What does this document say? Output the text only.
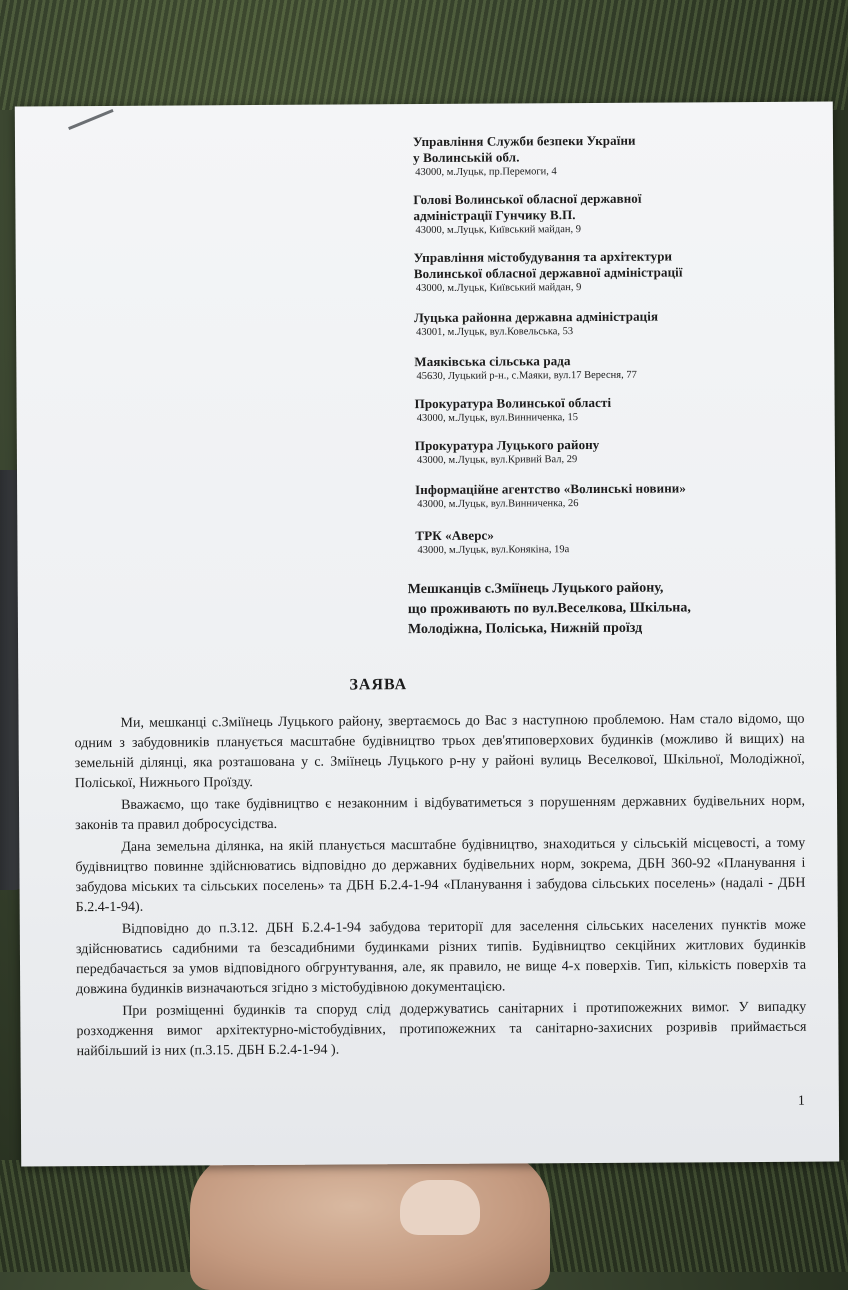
Управління Служби безпеки України
у Волинській обл.
43000, м.Луцьк, пр.Перемоги, 4
Голові Волинської обласної державної
адміністрації Гунчику В.П.
43000, м.Луцьк, Київський майдан, 9
Управління містобудування та архітектури
Волинської обласної державної адміністрації
43000, м.Луцьк, Київський майдан, 9
Луцька районна державна адміністрація
43001, м.Луцьк, вул.Ковельська, 53
Маяківська сільська рада
45630, Луцький р-н., с.Маяки, вул.17 Вересня, 77
Прокуратура Волинської області
43000, м.Луцьк, вул.Винниченка, 15
Прокуратура Луцького району
43000, м.Луцьк, вул.Кривий Вал, 29
Інформаційне агентство «Волинські новини»
43000, м.Луцьк, вул.Винниченка, 26
ТРК «Аверс»
43000, м.Луцьк, вул.Конякіна, 19а
Мешканців с.Зміїнець Луцького району,
що проживають по вул.Веселкова, Шкільна,
Молодіжна, Поліська, Нижній проїзд
ЗАЯВА

Ми, мешканці с.Зміїнець Луцького району, звертаємось до Вас з наступною проблемою. Нам стало відомо, що одним з забудовників планується масштабне будівництво трьох дев'ятиповерхових будинків (можливо й вищих) на земельній ділянці, яка розташована у с. Зміїнець Луцького р-ну у районі вулиць Веселкової, Шкільної, Молодіжної, Поліської, Нижнього Проїзду.

Вважаємо, що таке будівництво є незаконним і відбуватиметься з порушенням державних будівельних норм, законів та правил добросусідства.

Дана земельна ділянка, на якій планується масштабне будівництво, знаходиться у сільській місцевості, а тому будівництво повинне здійснюватись відповідно до державних будівельних норм, зокрема, ДБН 360-92 «Планування і забудова міських та сільських поселень» та ДБН Б.2.4-1-94 «Планування і забудова сільських поселень» (надалі - ДБН Б.2.4-1-94).

Відповідно до п.3.12. ДБН Б.2.4-1-94 забудова території для заселення сільських населених пунктів може здійснюватись садибними та безсадибними будинками різних типів. Будівництво секційних житлових будинків передбачається за умов відповідного обгрунтування, але, як правило, не вище 4-х поверхів. Тип, кількість поверхів та довжина будинків визначаються згідно з містобудівною документацією.

При розміщенні будинків та споруд слід додержуватись санітарних і протипожежних вимог. У випадку розходження вимог архітектурно-містобудівних, протипожежних та санітарно-захисних розривів приймається найбільший із них (п.3.15. ДБН Б.2.4-1-94 ).

1
